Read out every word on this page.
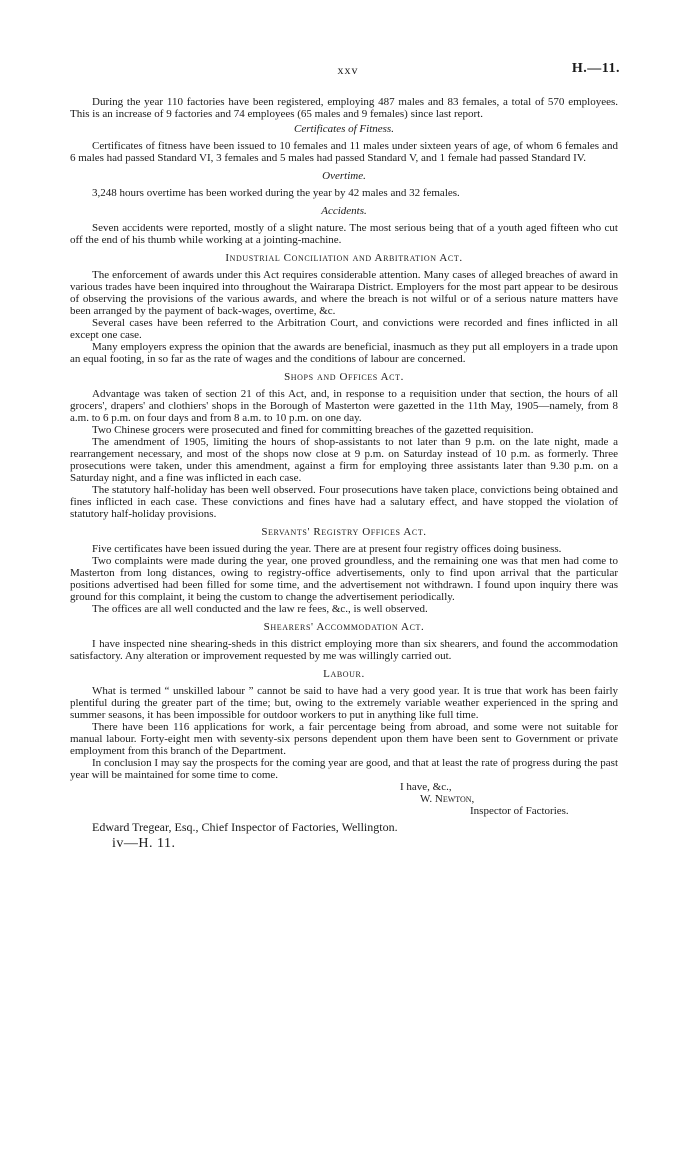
xxv	H.—11.

During the year 110 factories have been registered, employing 487 males and 83 females, a total of 570 employees. This is an increase of 9 factories and 74 employees (65 males and 9 females) since last report.

Certificates of Fitness.

Certificates of fitness have been issued to 10 females and 11 males under sixteen years of age, of whom 6 females and 6 males had passed Standard VI, 3 females and 5 males had passed Standard V, and 1 female had passed Standard IV.

Overtime.

3,248 hours overtime has been worked during the year by 42 males and 32 females.

Accidents.

Seven accidents were reported, mostly of a slight nature. The most serious being that of a youth aged fifteen who cut off the end of his thumb while working at a jointing-machine.

Industrial Conciliation and Arbitration Act.

The enforcement of awards under this Act requires considerable attention. Many cases of alleged breaches of award in various trades have been inquired into throughout the Wairarapa District. Employers for the most part appear to be desirous of observing the provisions of the various awards, and where the breach is not wilful or of a serious nature matters have been arranged by the payment of back-wages, overtime, &c.

Several cases have been referred to the Arbitration Court, and convictions were recorded and fines inflicted in all except one case.

Many employers express the opinion that the awards are beneficial, inasmuch as they put all employers in a trade upon an equal footing, in so far as the rate of wages and the conditions of labour are concerned.

Shops and Offices Act.

Advantage was taken of section 21 of this Act, and, in response to a requisition under that section, the hours of all grocers', drapers' and clothiers' shops in the Borough of Masterton were gazetted in the 11th May, 1905—namely, from 8 a.m. to 6 p.m. on four days and from 8 a.m. to 10 p.m. on one day.

Two Chinese grocers were prosecuted and fined for committing breaches of the gazetted requisition.

The amendment of 1905, limiting the hours of shop-assistants to not later than 9 p.m. on the late night, made a rearrangement necessary, and most of the shops now close at 9 p.m. on Saturday instead of 10 p.m. as formerly. Three prosecutions were taken, under this amendment, against a firm for employing three assistants later than 9.30 p.m. on a Saturday night, and a fine was inflicted in each case.

The statutory half-holiday has been well observed. Four prosecutions have taken place, convictions being obtained and fines inflicted in each case. These convictions and fines have had a salutary effect, and have stopped the violation of statutory half-holiday provisions.

Servants' Registry Offices Act.

Five certificates have been issued during the year. There are at present four registry offices doing business.

Two complaints were made during the year, one proved groundless, and the remaining one was that men had come to Masterton from long distances, owing to registry-office advertisements, only to find upon arrival that the particular positions advertised had been filled for some time, and the advertisement not withdrawn. I found upon inquiry there was ground for this complaint, it being the custom to change the advertisement periodically.

The offices are all well conducted and the law re fees, &c., is well observed.

Shearers' Accommodation Act.

I have inspected nine shearing-sheds in this district employing more than six shearers, and found the accommodation satisfactory. Any alteration or improvement requested by me was willingly carried out.

Labour.

What is termed “ unskilled labour ” cannot be said to have had a very good year. It is true that work has been fairly plentiful during the greater part of the time; but, owing to the extremely variable weather experienced in the spring and summer seasons, it has been impossible for outdoor workers to put in anything like full time.

There have been 116 applications for work, a fair percentage being from abroad, and some were not suitable for manual labour. Forty-eight men with seventy-six persons dependent upon them have been sent to Government or private employment from this branch of the Department.

In conclusion I may say the prospects for the coming year are good, and that at least the rate of progress during the past year will be maintained for some time to come.

I have, &c.,
W. Newton,
Inspector of Factories.
Edward Tregear, Esq., Chief Inspector of Factories, Wellington.
iv—H. 11.
